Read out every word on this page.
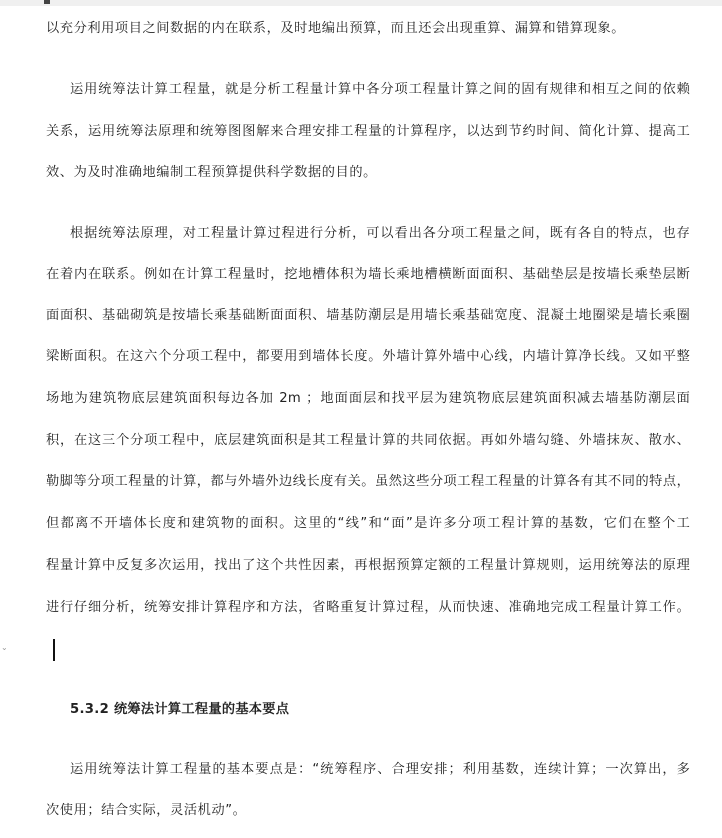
以充分利用项目之间数据的内在联系，及时地编出预算，而且还会出现重算、漏算和错算现象。
运用统筹法计算工程量，就是分析工程量计算中各分项工程量计算之间的固有规律和相互之间的依赖
关系，运用统筹法原理和统筹图图解来合理安排工程量的计算程序，以达到节约时间、简化计算、提高工
效、为及时准确地编制工程预算提供科学数据的目的。
根据统筹法原理，对工程量计算过程进行分析，可以看出各分项工程量之间，既有各自的特点，也存
在着内在联系。例如在计算工程量时，挖地槽体积为墙长乘地槽横断面面积、基础垫层是按墙长乘垫层断
面面积、基础砌筑是按墙长乘基础断面面积、墙基防潮层是用墙长乘基础宽度、混凝土地圈梁是墙长乘圈
梁断面积。在这六个分项工程中，都要用到墙体长度。外墙计算外墙中心线，内墙计算净长线。又如平整
场地为建筑物底层建筑面积每边各加 2m ；地面面层和找平层为建筑物底层建筑面积减去墙基防潮层面
积，在这三个分项工程中，底层建筑面积是其工程量计算的共同依据。再如外墙勾缝、外墙抹灰、散水、
勒脚等分项工程量的计算，都与外墙外边线长度有关。虽然这些分项工程工程量的计算各有其不同的特点，
但都离不开墙体长度和建筑物的面积。这里的“线”和“面”是许多分项工程计算的基数，它们在整个工
程量计算中反复多次运用，找出了这个共性因素，再根据预算定额的工程量计算规则，运用统筹法的原理
进行仔细分析，统筹安排计算程序和方法，省略重复计算过程，从而快速、准确地完成工程量计算工作。
⌄
5.3.2 统筹法计算工程量的基本要点
运用统筹法计算工程量的基本要点是：“统筹程序、合理安排；利用基数，连续计算；一次算出，多
次使用；结合实际，灵活机动”。
